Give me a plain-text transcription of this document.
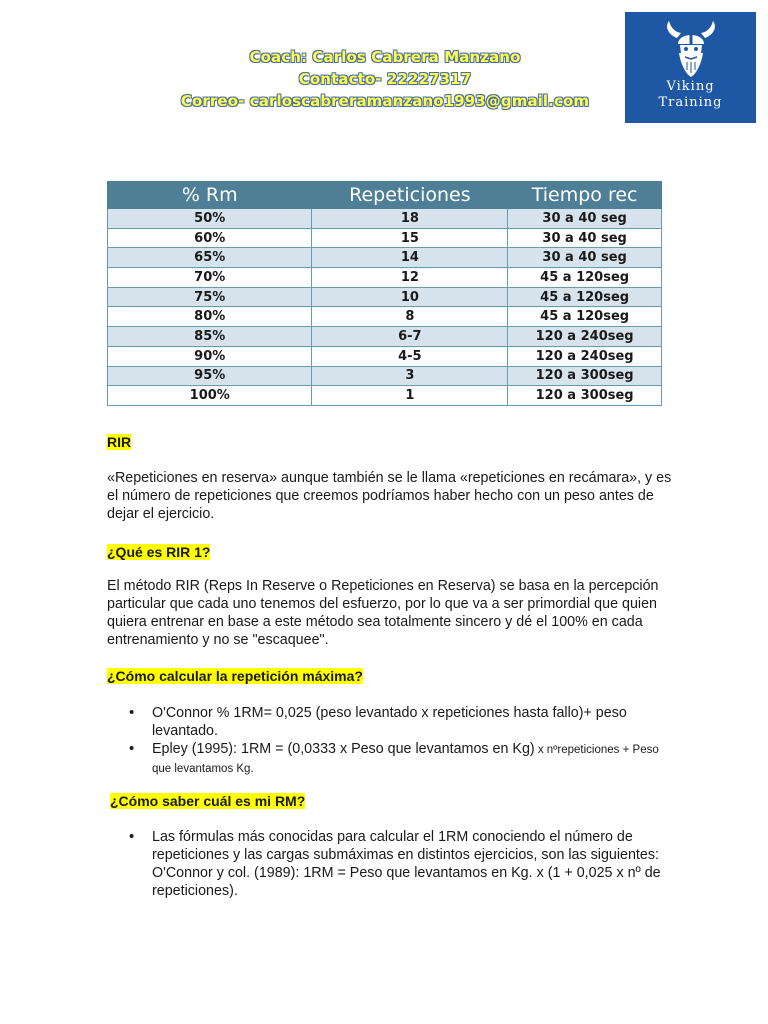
Coach: Carlos Cabrera Manzano
Contacto- 22227317
Correo- carloscabreramanzano1993@gmail.com
Viking
Training
% Rm	Repeticiones	Tiempo rec
50%	18	30 a 40 seg
60%	15	30 a 40 seg
65%	14	30 a 40 seg
70%	12	45 a 120seg
75%	10	45 a 120seg
80%	8	45 a 120seg
85%	6-7	120 a 240seg
90%	4-5	120 a 240seg
95%	3	120 a 300seg
100%	1	120 a 300seg
RIR
«Repeticiones en reserva» aunque también se le llama «repeticiones en recámara», y es el número de repeticiones que creemos podríamos haber hecho con un peso antes de dejar el ejercicio.
¿Qué es RIR 1?
El método RIR (Reps In Reserve o Repeticiones en Reserva) se basa en la percepción particular que cada uno tenemos del esfuerzo, por lo que va a ser primordial que quien quiera entrenar en base a este método sea totalmente sincero y dé el 100% en cada entrenamiento y no se "escaquee".
¿Cómo calcular la repetición máxima?
• O'Connor % 1RM= 0,025 (peso levantado x repeticiones hasta fallo)+ peso levantado.
• Epley (1995): 1RM = (0,0333 x Peso que levantamos en Kg) x nºrepeticiones + Peso que levantamos Kg.
¿Cómo saber cuál es mi RM?
• Las fórmulas más conocidas para calcular el 1RM conociendo el número de repeticiones y las cargas submáximas en distintos ejercicios, son las siguientes: O'Connor y col. (1989): 1RM = Peso que levantamos en Kg. x (1 + 0,025 x nº de repeticiones).
